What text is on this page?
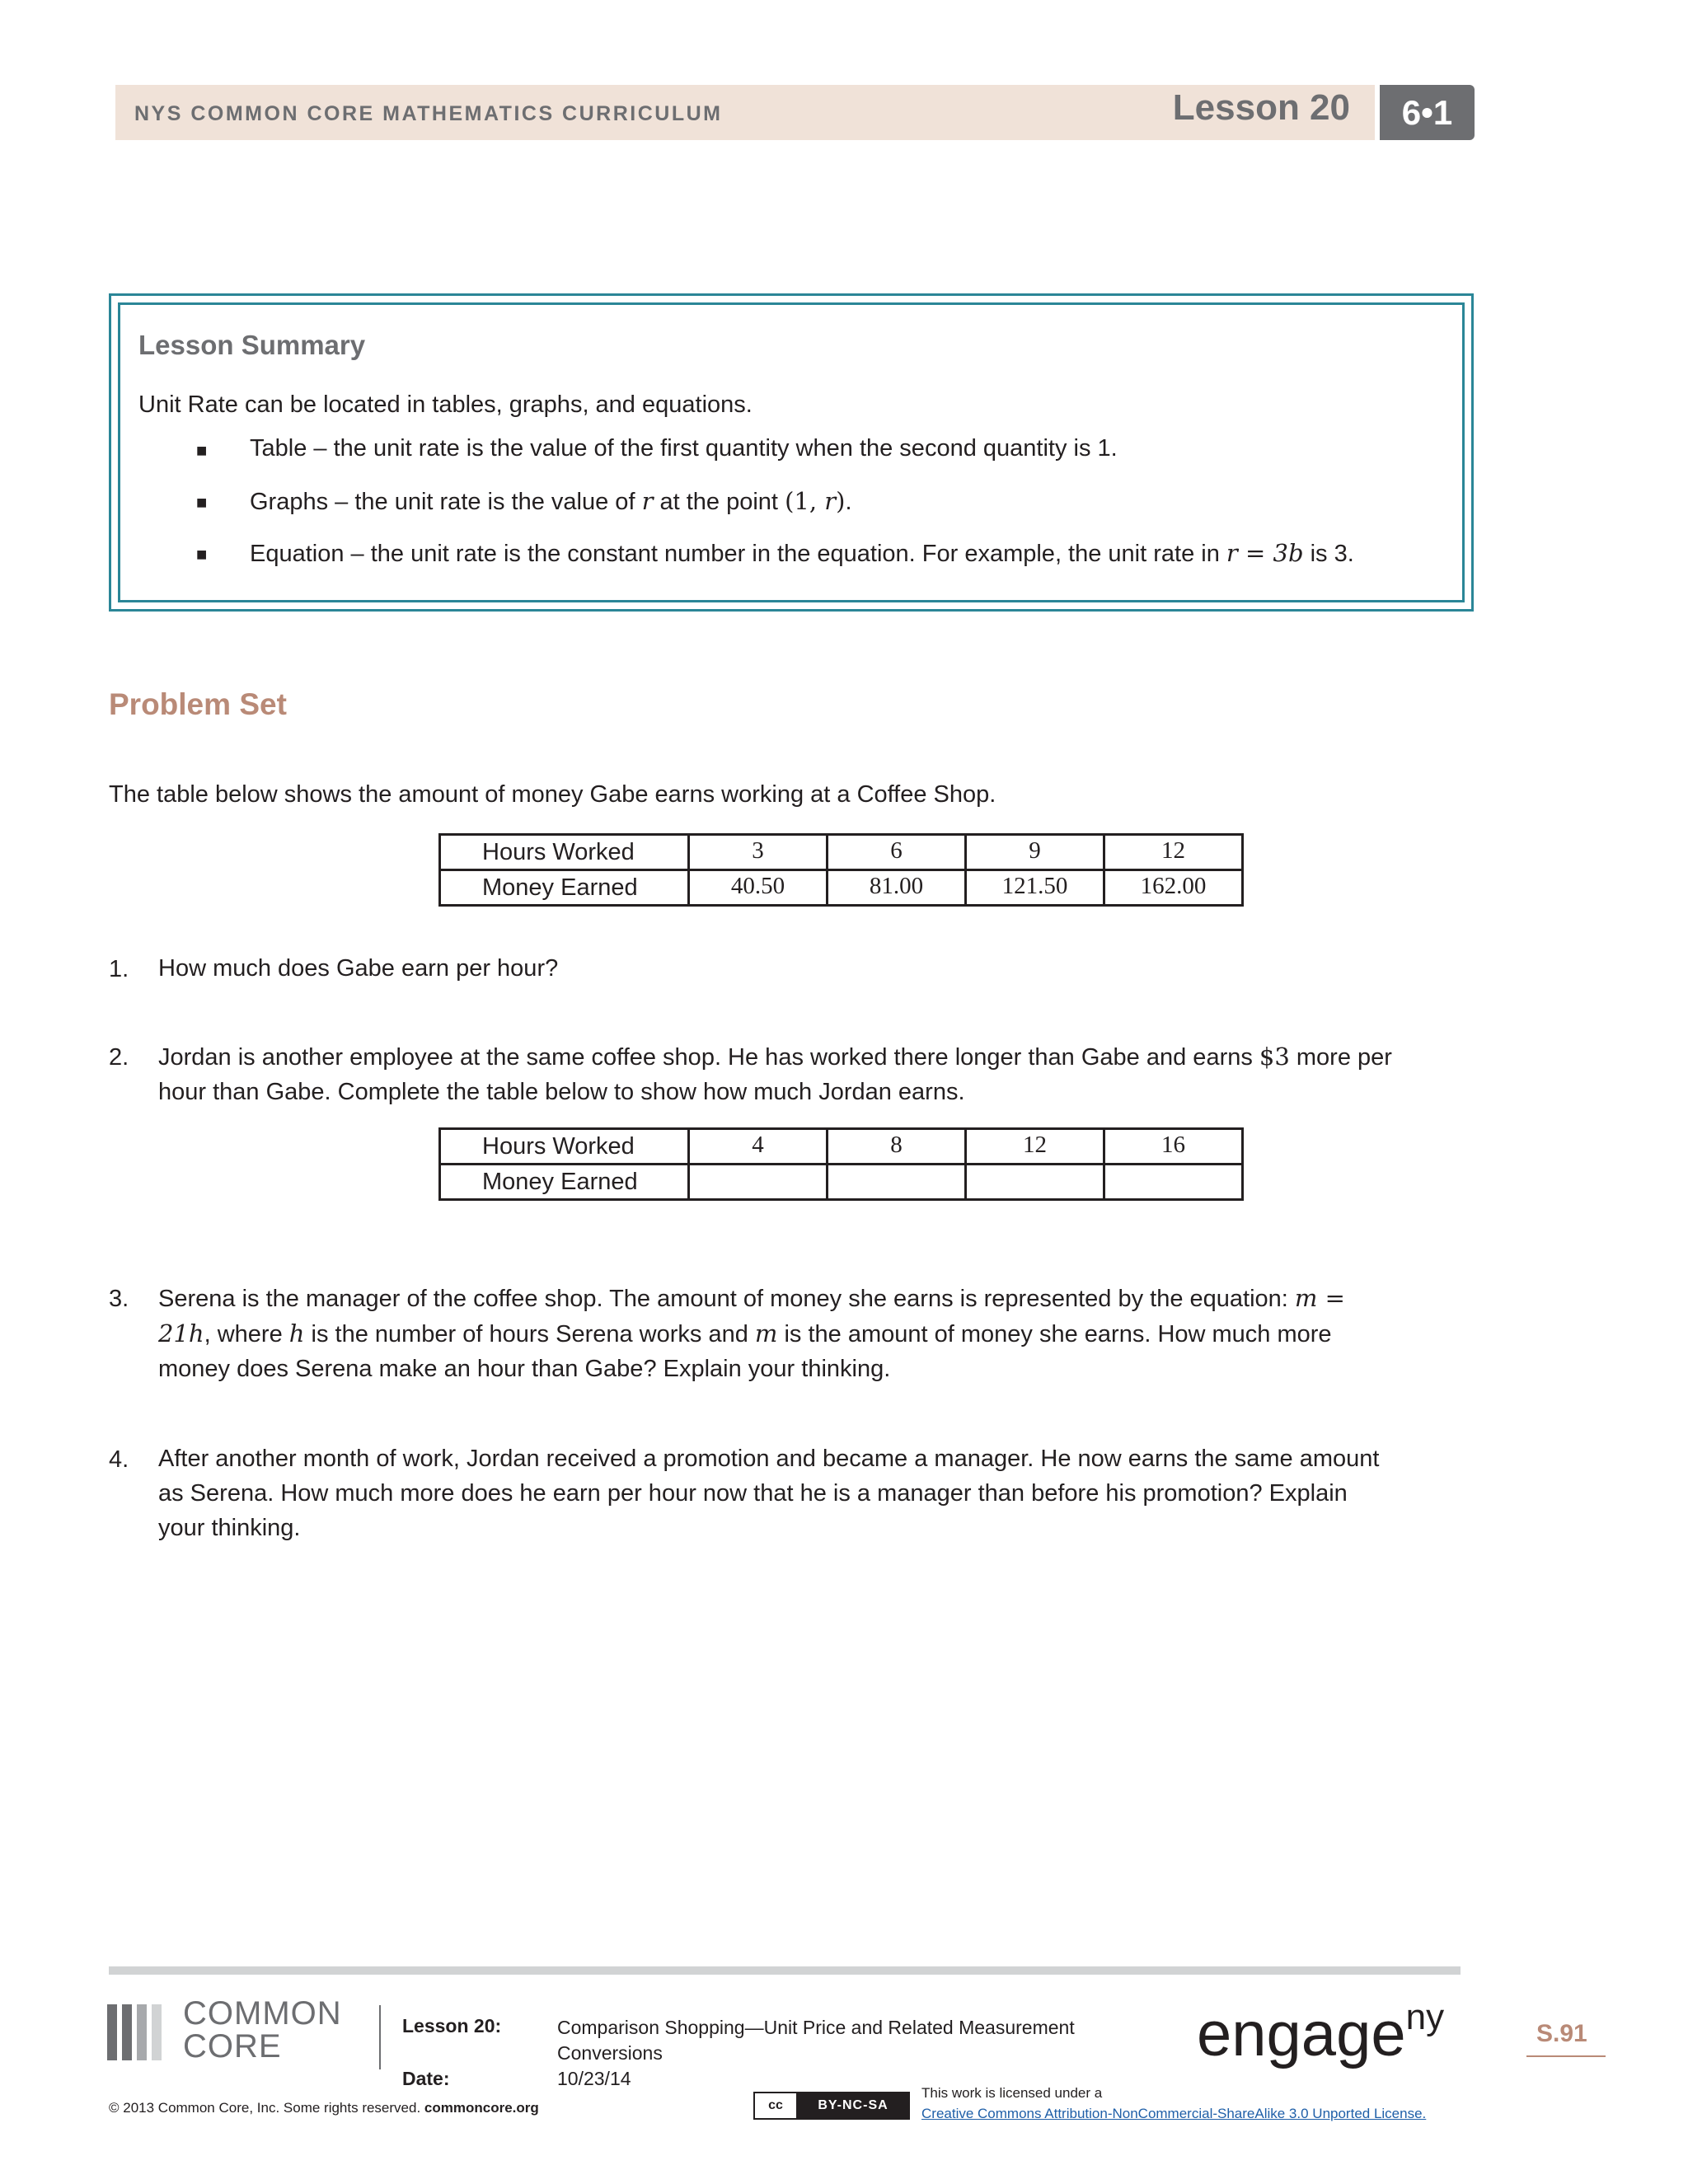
NYS COMMON CORE MATHEMATICS CURRICULUM	Lesson 20	6•1
Lesson Summary
Unit Rate can be located in tables, graphs, and equations.
■ Table – the unit rate is the value of the first quantity when the second quantity is 1.
■ Graphs – the unit rate is the value of r at the point (1, r).
■ Equation – the unit rate is the constant number in the equation. For example, the unit rate in r = 3b is 3.
Problem Set
The table below shows the amount of money Gabe earns working at a Coffee Shop.
Hours Worked	3	6	9	12
Money Earned	40.50	81.00	121.50	162.00
1. How much does Gabe earn per hour?
2. Jordan is another employee at the same coffee shop. He has worked there longer than Gabe and earns $3 more per
hour than Gabe. Complete the table below to show how much Jordan earns.
Hours Worked	4	8	12	16
Money Earned				
3. Serena is the manager of the coffee shop. The amount of money she earns is represented by the equation: m =
21h, where h is the number of hours Serena works and m is the amount of money she earns. How much more
money does Serena make an hour than Gabe? Explain your thinking.
4. After another month of work, Jordan received a promotion and became a manager. He now earns the same amount
as Serena. How much more does he earn per hour now that he is a manager than before his promotion? Explain
your thinking.
COMMON
CORE
Lesson 20:	Comparison Shopping—Unit Price and Related Measurement
Conversions
Date:	10/23/14
engage$^{ny}$	S.91
© 2013 Common Core, Inc. Some rights reserved. commoncore.org	cc	BY-NC-SA
This work is licensed under a
Creative Commons Attribution-NonCommercial-ShareAlike 3.0 Unported License.
